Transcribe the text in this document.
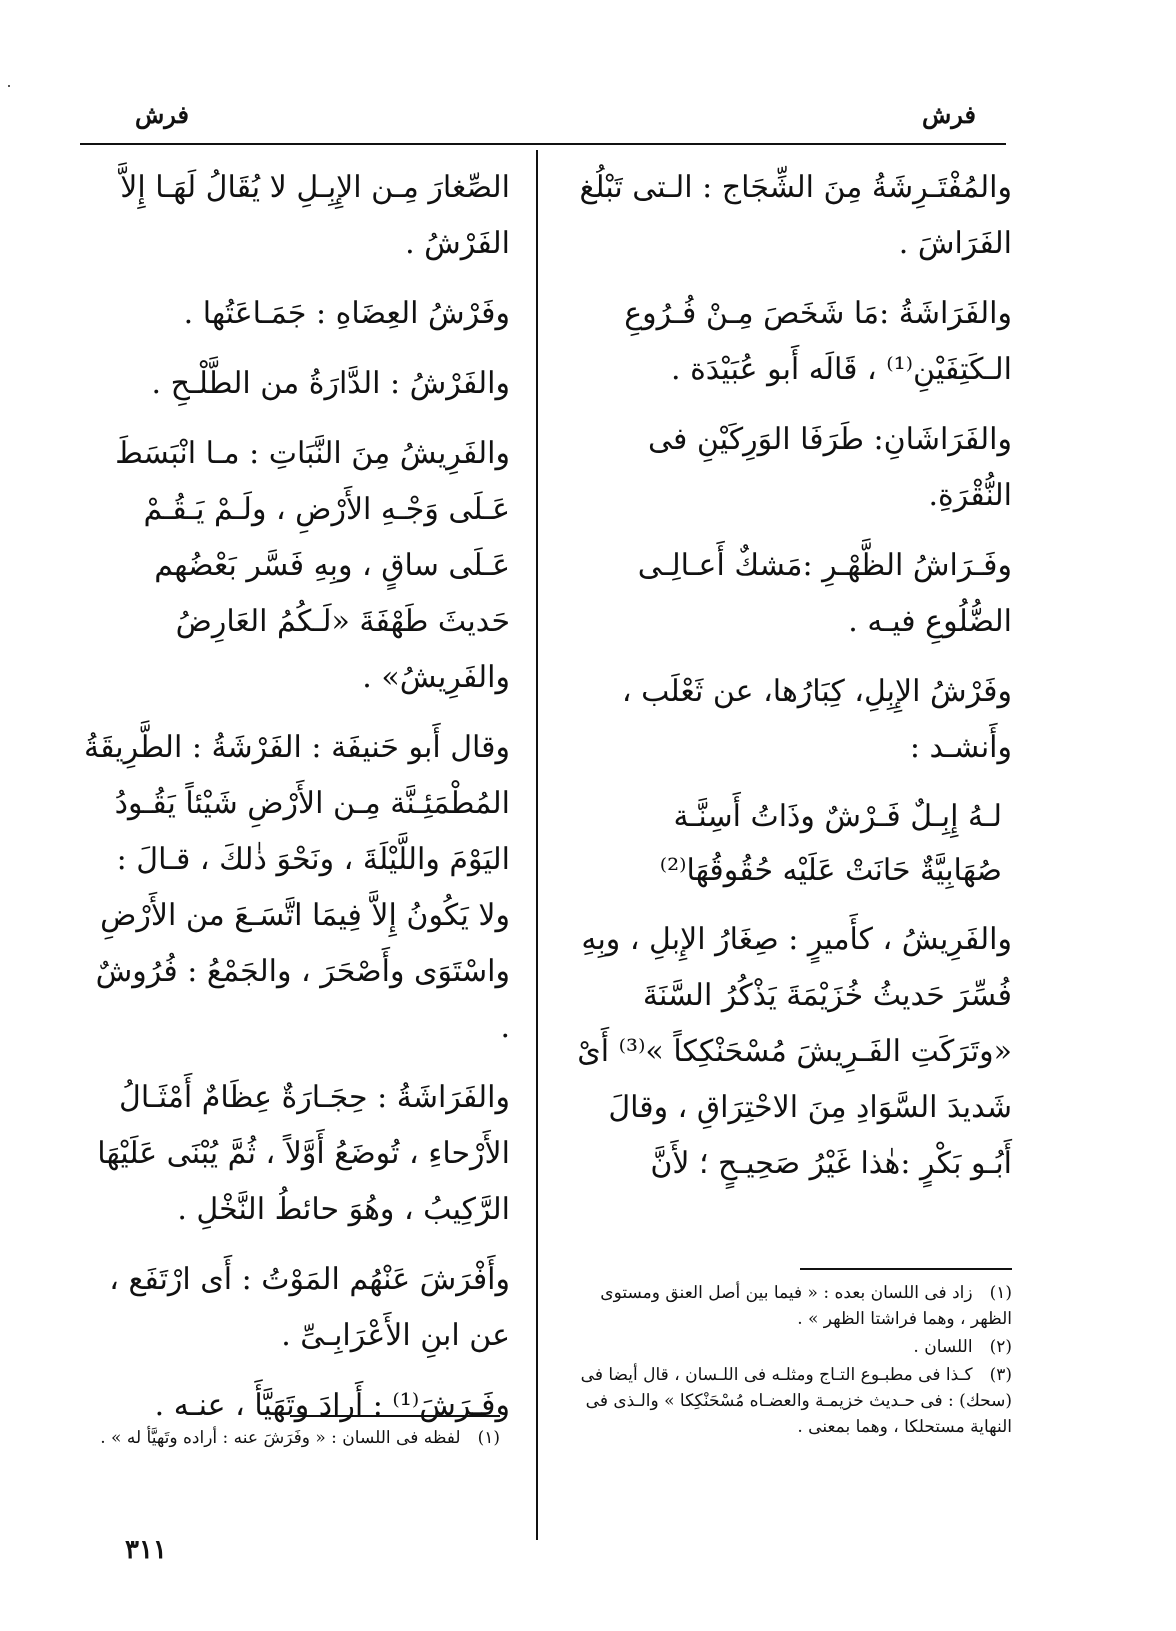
فرش
فرش

والمُفْتَـرِشَةُ مِنَ الشِّجَاج : الـتى تَبْلُغ الفَرَاشَ .

والفَرَاشَةُ :مَا شَخَصَ مِـنْ فُـرُوعِ الـكَتِفَيْنِ⁽¹⁾ ، قَالَه أَبو عُبَيْدَة .

والفَرَاشَانِ: طَرَفَا الوَرِكَيْنِ فى النُّقْرَةِ.

وفَـرَاشُ الظَّهْـرِ :مَشكٌ أَعـالِـى الضُّلُوعِ فيـه .

وفَرْشُ الإِبِلِ، كِبَارُها، عن ثَعْلَب ، وأَنشـد :

لـهُ إِبِـلٌ فَـرْشٌ وذَاتُ أَسِنَّـة
صُهَابِيَّةٌ حَانَتْ عَلَيْه حُقُوقُهَا⁽²⁾

والفَرِيشُ ، كأَميرٍ : صِغَارُ الإِبلِ ، وبِهِ فُسِّرَ حَديثُ خُزَيْمَةَ يَذْكُرُ السَّنَةَ «وتَرَكَتِ الفَـرِيشَ مُسْحَنْكِكاً »⁽³⁾ أَىْ شَديدَ السَّوَادِ مِنَ الاحْتِرَاقِ ، وقالَ أَبُـو بَكْرٍ :هٰذا غَيْرُ صَحِيـحٍ ؛ لأَنَّ

(١) زاد فى اللسان بعده : « فيما بين أصل العنق ومستوى الظهر ، وهما فراشتا الظهر » .
(٢) اللسان .
(٣) كـذا فى مطبـوع التـاج ومثلـه فى اللـسان ، قال أيضا فى (سحك) : فى حـديث خزيمـة والعضـاه مُسْحَنْكِكا » والـذى فى النهاية مستحلكا ، وهما بمعنى .

الصِّغارَ مِـن الإِبِـلِ لا يُقَالُ لَهَـا إِلاَّ الفَرْشُ .

وفَرْشُ العِضَاهِ : جَمَـاعَتُها .

والفَرْشُ : الدَّارَةُ من الطَّلْـحِ .

والفَرِيشُ مِنَ النَّبَاتِ : مـا انْبَسَطَ عَـلَى وَجْـهِ الأَرْضِ ، ولَـمْ يَـقُـمْ عَـلَى ساقٍ ، وبِهِ فَسَّر بَعْضُهم حَديثَ طَهْفَةَ «لَـكُمُ العَارِضُ والفَرِيشُ» .

وقال أَبو حَنيفَة : الفَرْشَةُ : الطَّرِيقَةُ المُطْمَئِـنَّة مِـن الأَرْضِ شَيْئاً يَقُـودُ اليَوْمَ واللَّيْلَةَ ، ونَحْوَ ذٰلكَ ، قـالَ : ولا يَكُونُ إِلاَّ فِيمَا اتَّسَـعَ من الأَرْضِ واسْتَوَى وأَصْحَرَ ، والجَمْعُ : فُرُوشٌ .

والفَرَاشَةُ : حِجَـارَةٌ عِظَامٌ أَمْثَـالُ الأَرْحاءِ ، تُوضَعُ أَوَّلاً ، ثُمَّ يُبْنَى عَلَيْهَا الرَّكِيبُ ، وهُوَ حائطُ النَّخْلِ .

وأَفْرَشَ عَنْهُم المَوْتُ : أَى ارْتَفَع ، عن ابنِ الأَعْرَابِـىِّ .

وفَـرَشَ⁽¹⁾ : أَرادَ وتَهَيَّأَ ، عنـه .

(١) لفظه فى اللسان : « وفَرَشَ عنه : أراده وتَهيَّأ له » .
٣١١
